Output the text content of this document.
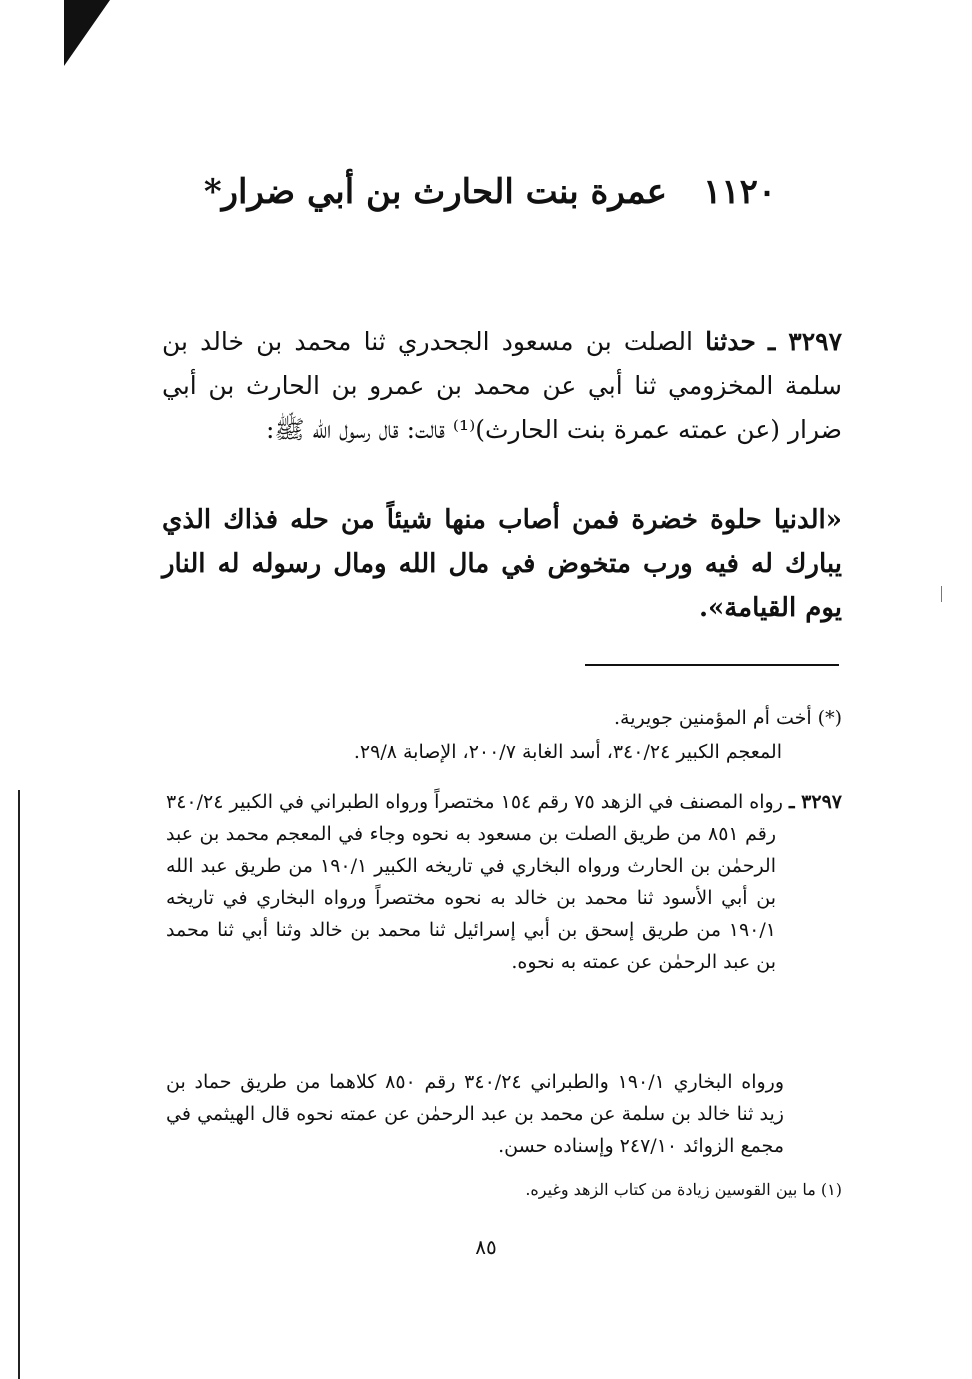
١١٢٠عمرة بنت الحارث بن أبي ضرار*

٣٢٩٧ ـ حدثنا الصلت بن مسعود الجحدري ثنا محمد بن خالد بن سلمة المخزومي ثنا أبي عن محمد بن عمرو بن الحارث بن أبي ضرار (عن عمته عمرة بنت الحارث)⁽¹⁾ قالت: قال رسول الله ﷺ:

«الدنيا حلوة خضرة فمن أصاب منها شيئاً من حله فذاك الذي يبارك له فيه ورب متخوض في مال الله ومال رسوله له النار يوم القيامة».

(*) أخت أم المؤمنين جويرية.

المعجم الكبير ٣٤٠/٢٤، أسد الغابة ٢٠٠/٧، الإصابة ٢٩/٨.

٣٢٩٧ ـ رواه المصنف في الزهد ٧٥ رقم ١٥٤ مختصراً ورواه الطبراني في الكبير ٣٤٠/٢٤ رقم ٨٥١ من طريق الصلت بن مسعود به نحوه وجاء في المعجم محمد بن عبد الرحمٰن بن الحارث ورواه البخاري في تاريخه الكبير ١٩٠/١ من طريق عبد الله بن أبي الأسود ثنا محمد بن خالد به نحوه مختصراً ورواه البخاري في تاريخه ١٩٠/١ من طريق إسحق بن أبي إسرائيل ثنا محمد بن خالد وثنا أبي ثنا محمد بن عبد الرحمٰن عن عمته به نحوه.

ورواه البخاري ١٩٠/١ والطبراني ٣٤٠/٢٤ رقم ٨٥٠ كلاهما من طريق حماد بن زيد ثنا خالد بن سلمة عن محمد بن عبد الرحمٰن عن عمته نحوه قال الهيثمي في مجمع الزوائد ٢٤٧/١٠ وإسناده حسن.

(١) ما بين القوسين زيادة من كتاب الزهد وغيره.

٨٥
